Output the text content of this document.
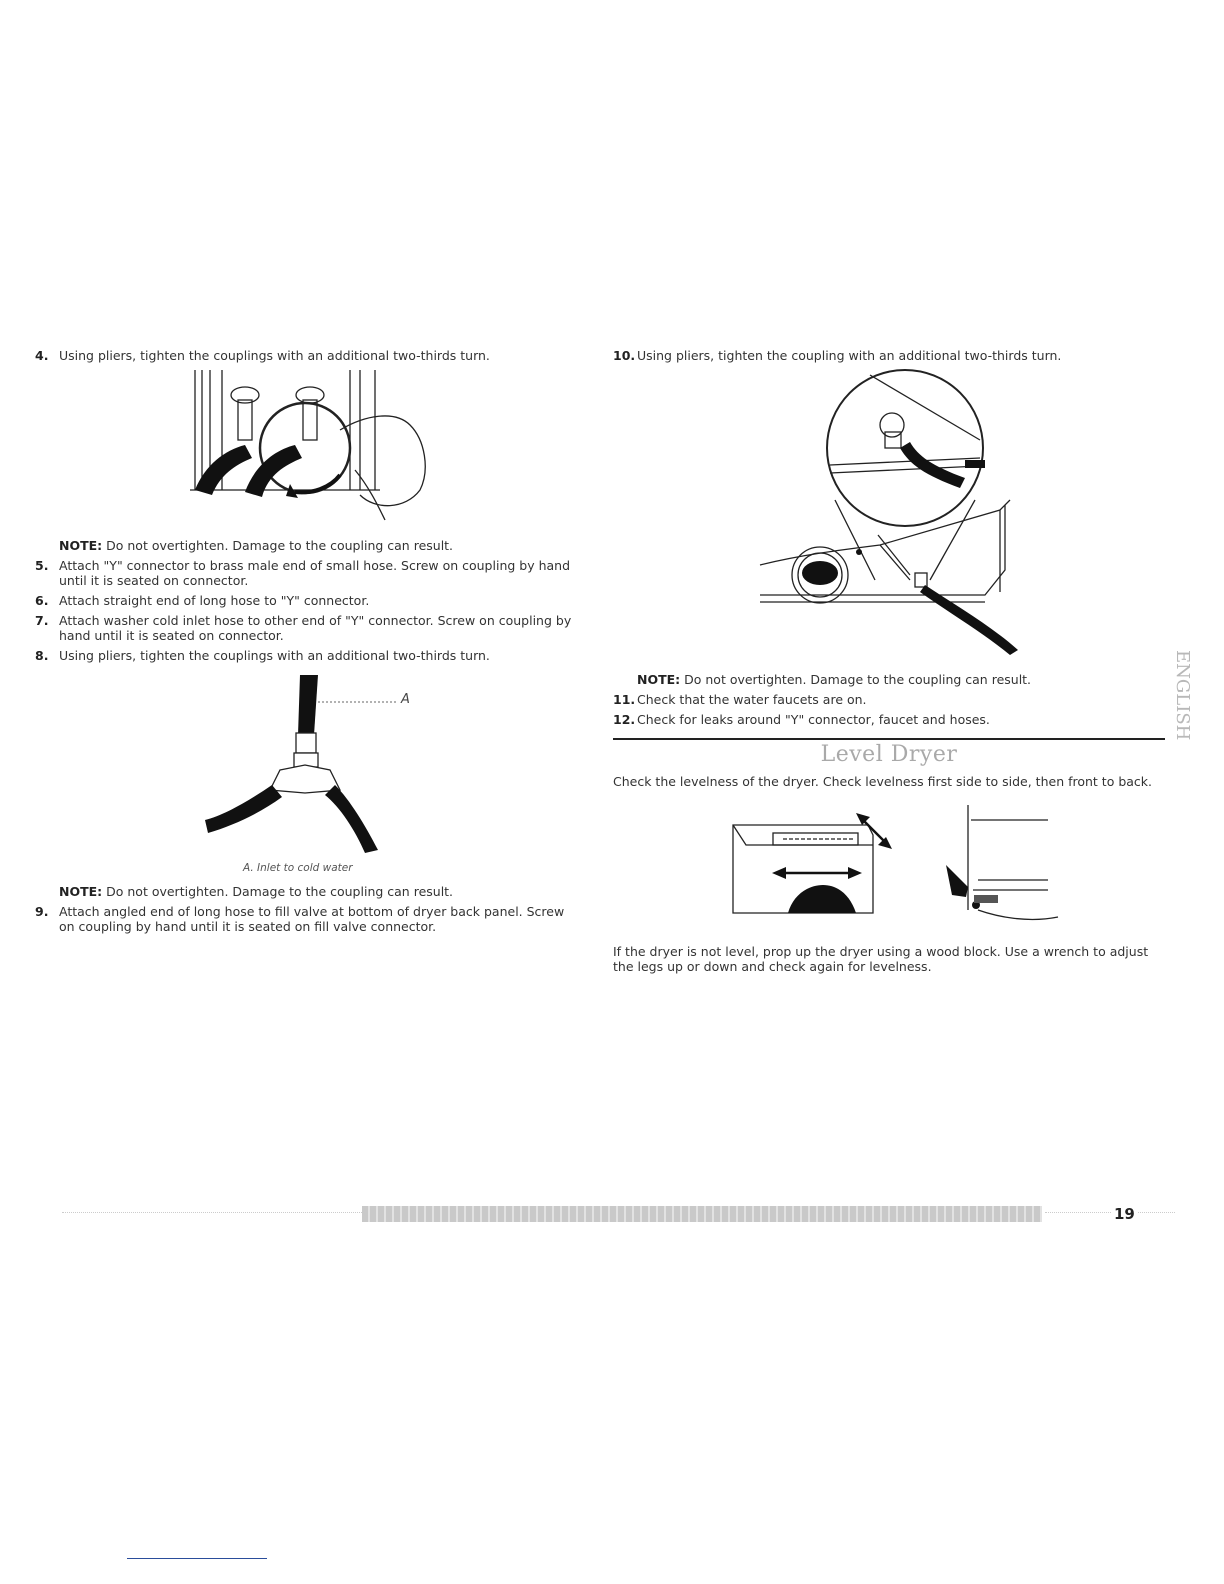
4. Using pliers, tighten the couplings with an additional two-thirds turn.

NOTE: Do not overtighten. Damage to the coupling can result.

5. Attach "Y" connector to brass male end of small hose. Screw on coupling by hand until it is seated on connector.

6. Attach straight end of long hose to "Y" connector.

7. Attach washer cold inlet hose to other end of "Y" connector. Screw on coupling by hand until it is seated on connector.

8. Using pliers, tighten the couplings with an additional two-thirds turn.

A
A. Inlet to cold water

NOTE: Do not overtighten. Damage to the coupling can result.

9. Attach angled end of long hose to fill valve at bottom of dryer back panel. Screw on coupling by hand until it is seated on fill valve connector.

10. Using pliers, tighten the coupling with an additional two-thirds turn.

NOTE: Do not overtighten. Damage to the coupling can result.

11. Check that the water faucets are on.

12. Check for leaks around "Y" connector, faucet and hoses.

Level Dryer
Check the levelness of the dryer. Check levelness first side to side, then front to back.
If the dryer is not level, prop up the dryer using a wood block. Use a wrench to adjust the legs up or down and check again for levelness.
ENGLISH
19
